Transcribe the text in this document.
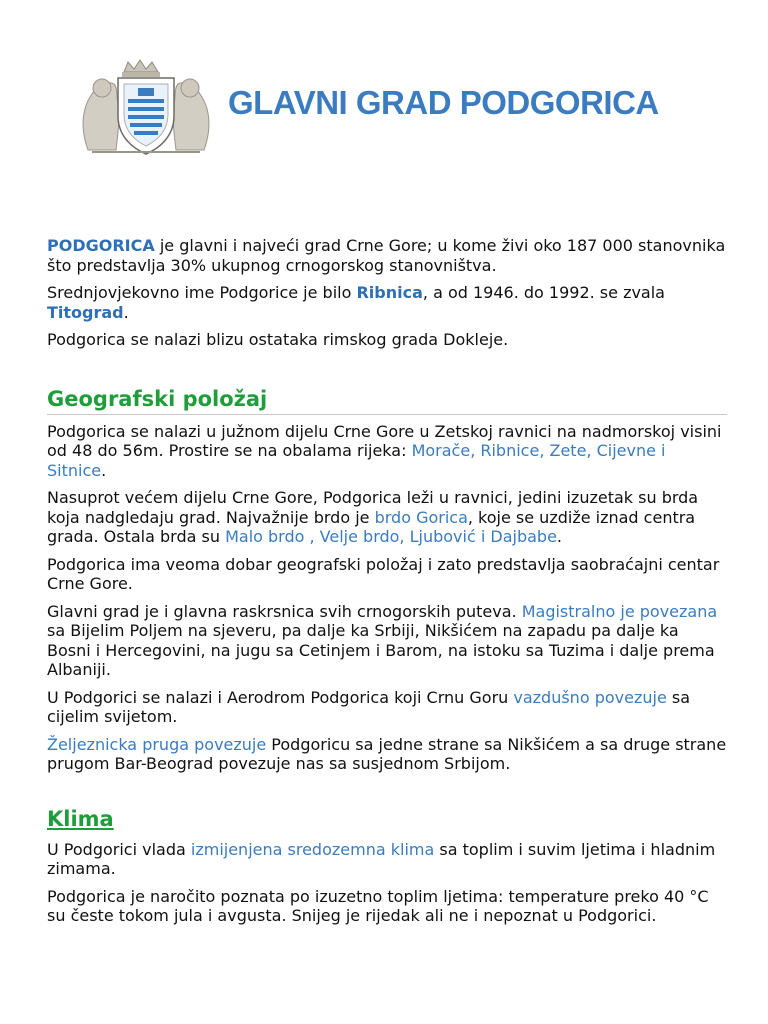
GLAVNI GRAD PODGORICA

PODGORICA je glavni i najveći grad Crne Gore; u kome živi oko 187 000 stanovnika što predstavlja 30% ukupnog crnogorskog stanovništva.

Srednjovjekovno ime Podgorice je bilo Ribnica, a od 1946. do 1992. se zvala Titograd.

Podgorica se nalazi blizu ostataka rimskog grada Dokleje.

Geografski položaj

Podgorica se nalazi u južnom dijelu Crne Gore u Zetskoj ravnici na nadmorskoj visini od 48 do 56m. Prostire se na obalama rijeka: Morače, Ribnice, Zete, Cijevne i Sitnice.

Nasuprot većem dijelu Crne Gore, Podgorica leži u ravnici, jedini izuzetak su brda koja nadgledaju grad. Najvažnije brdo je brdo Gorica, koje se uzdiže iznad centra grada. Ostala brda su Malo brdo , Velje brdo, Ljubović i Dajbabe.

Podgorica ima veoma dobar geografski položaj i zato predstavlja saobraćajni centar Crne Gore.

Glavni grad je i glavna raskrsnica svih crnogorskih puteva. Magistralno je povezana sa Bijelim Poljem na sjeveru, pa dalje ka Srbiji, Nikšićem na zapadu pa dalje ka Bosni i Hercegovini, na jugu sa Cetinjem i Barom, na istoku sa Tuzima i dalje prema Albaniji.

U Podgorici se nalazi i Aerodrom Podgorica koji Crnu Goru vazdušno povezuje sa cijelim svijetom.

Željeznicka pruga povezuje Podgoricu sa jedne strane sa Nikšićem a sa druge strane prugom Bar-Beograd povezuje nas sa susjednom Srbijom.

Klima

U Podgorici vlada izmijenjena sredozemna klima sa toplim i suvim ljetima i hladnim zimama.

Podgorica je naročito poznata po izuzetno toplim ljetima: temperature preko 40 °C su česte tokom jula i avgusta. Snijeg je rijedak ali ne i nepoznat u Podgorici.
